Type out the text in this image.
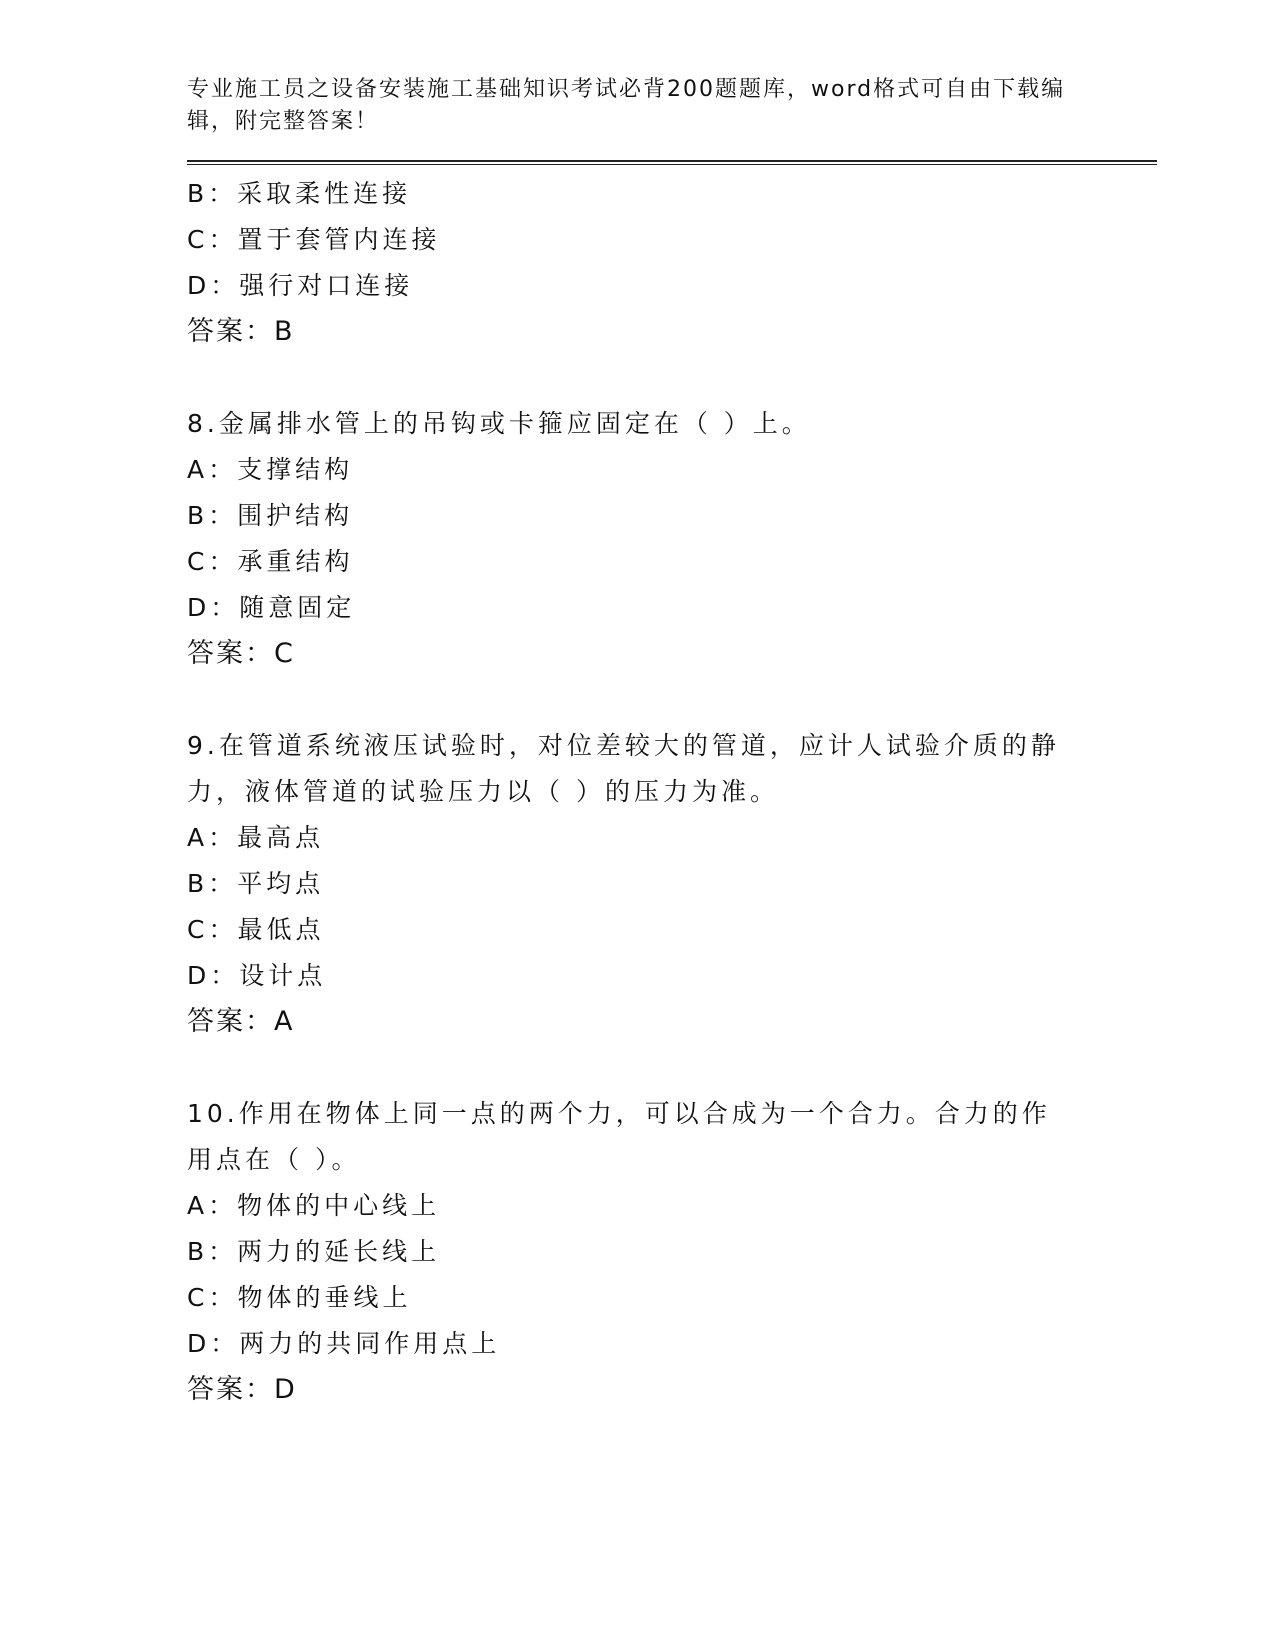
专业施工员之设备安装施工基础知识考试必背200题题库，word格式可自由下载编辑，附完整答案！

B：采取柔性连接
C：置于套管内连接
D：强行对口连接
答案：B
8.金属排水管上的吊钩或卡箍应固定在（ ）上。
A：支撑结构
B：围护结构
C：承重结构
D：随意固定
答案：C
9.在管道系统液压试验时，对位差较大的管道，应计人试验介质的静力，液体管道的试验压力以（ ）的压力为准。
A：最高点
B：平均点
C：最低点
D：设计点
答案：A
10.作用在物体上同一点的两个力，可以合成为一个合力。合力的作用点在（ ）。
A：物体的中心线上
B：两力的延长线上
C：物体的垂线上
D：两力的共同作用点上
答案：D
